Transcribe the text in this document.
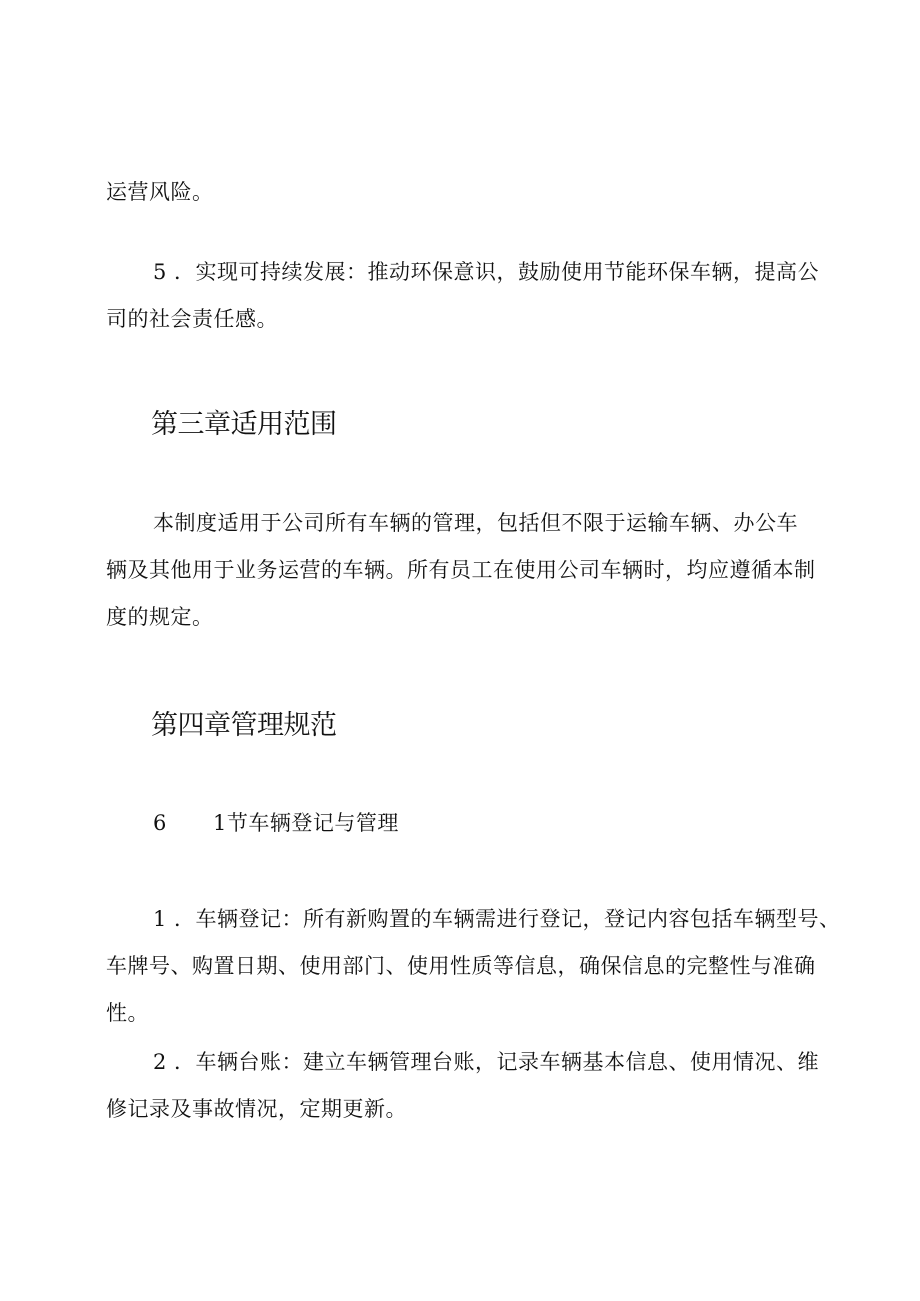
运营风险。
5 ．实现可持续发展：推动环保意识，鼓励使用节能环保车辆，提高公
司的社会责任感。
第三章适用范围
本制度适用于公司所有车辆的管理，包括但不限于运输车辆、办公车
辆及其他用于业务运营的车辆。所有员工在使用公司车辆时，均应遵循本制
度的规定。
第四章管理规范
6 1节车辆登记与管理
1 ．车辆登记：所有新购置的车辆需进行登记，登记内容包括车辆型号、
车牌号、购置日期、使用部门、使用性质等信息，确保信息的完整性与准确
性。
2 ．车辆台账：建立车辆管理台账，记录车辆基本信息、使用情况、维
修记录及事故情况，定期更新。
